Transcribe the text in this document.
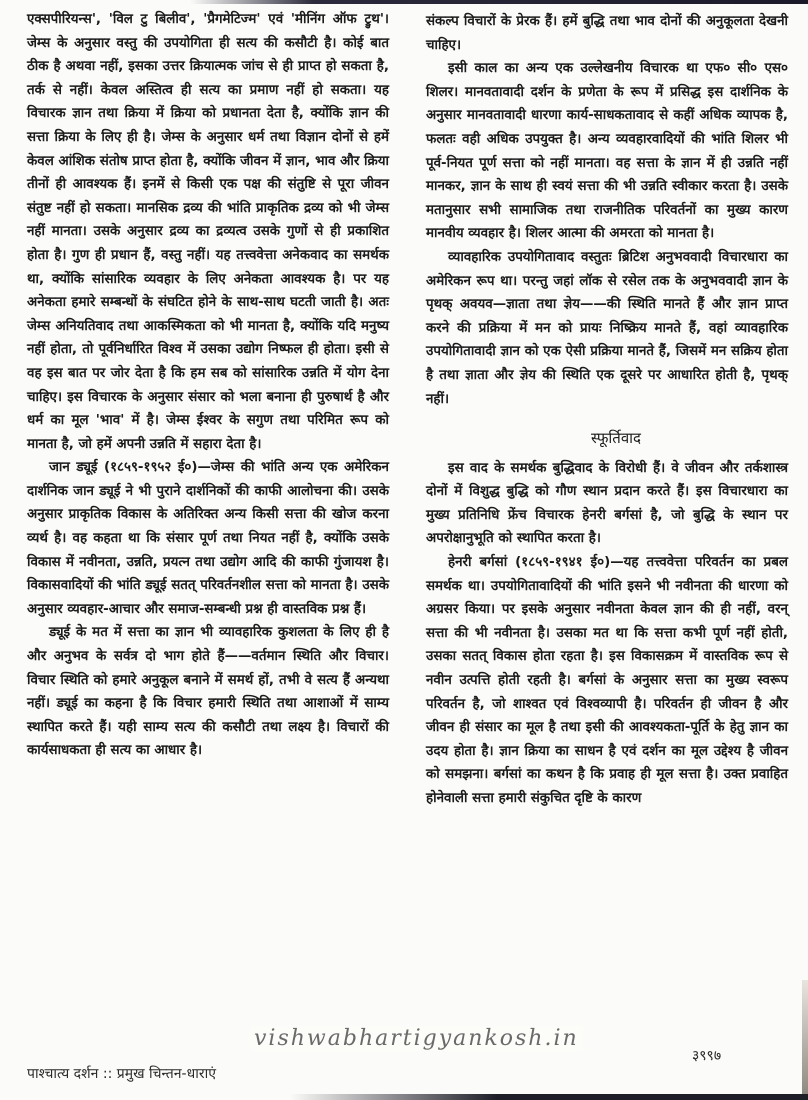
एक्सपीरियन्स', 'विल टु बिलीव', 'प्रैगमेटिज्म' एवं 'मीनिंग ऑफ ट्रुथ'। जेम्स के अनुसार वस्तु की उपयोगिता ही सत्य की कसौटी है। कोई बात ठीक है अथवा नहीं, इसका उत्तर क्रियात्मक जांच से ही प्राप्त हो सकता है, तर्क से नहीं। केवल अस्तित्व ही सत्य का प्रमाण नहीं हो सकता। यह विचारक ज्ञान तथा क्रिया में क्रिया को प्रधानता देता है, क्योंकि ज्ञान की सत्ता क्रिया के लिए ही है। जेम्स के अनुसार धर्म तथा विज्ञान दोनों से हमें केवल आंशिक संतोष प्राप्त होता है, क्योंकि जीवन में ज्ञान, भाव और क्रिया तीनों ही आवश्यक हैं। इनमें से किसी एक पक्ष की संतुष्टि से पूरा जीवन संतुष्ट नहीं हो सकता। मानसिक द्रव्य की भांति प्राकृतिक द्रव्य को भी जेम्स नहीं मानता। उसके अनुसार द्रव्य का द्रव्यत्व उसके गुणों से ही प्रकाशित होता है। गुण ही प्रधान हैं, वस्तु नहीं। यह तत्त्ववेत्ता अनेकवाद का समर्थक था, क्योंकि सांसारिक व्यवहार के लिए अनेकता आवश्यक है। पर यह अनेकता हमारे सम्बन्धों के संघटित होने के साथ-साथ घटती जाती है। अतः जेम्स अनियतिवाद तथा आकस्मिकता को भी मानता है, क्योंकि यदि मनुष्य नहीं होता, तो पूर्वनिर्धारित विश्व में उसका उद्योग निष्फल ही होता। इसी से वह इस बात पर जोर देता है कि हम सब को सांसारिक उन्नति में योग देना चाहिए। इस विचारक के अनुसार संसार को भला बनाना ही पुरुषार्थ है और धर्म का मूल 'भाव' में है। जेम्स ईश्वर के सगुण तथा परिमित रूप को मानता है, जो हमें अपनी उन्नति में सहारा देता है।

जान ड्यूई (१८५९-१९५२ ई०)—जेम्स की भांति अन्य एक अमेरिकन दार्शनिक जान ड्यूई ने भी पुराने दार्शनिकों की काफी आलोचना की। उसके अनुसार प्राकृतिक विकास के अतिरिक्त अन्य किसी सत्ता की खोज करना व्यर्थ है। वह कहता था कि संसार पूर्ण तथा नियत नहीं है, क्योंकि उसके विकास में नवीनता, उन्नति, प्रयत्न तथा उद्योग आदि की काफी गुंजायश है। विकासवादियों की भांति ड्यूई सतत् परिवर्तनशील सत्ता को मानता है। उसके अनुसार व्यवहार-आचार और समाज-सम्बन्धी प्रश्न ही वास्तविक प्रश्न हैं।

ड्यूई के मत में सत्ता का ज्ञान भी व्यावहारिक कुशलता के लिए ही है और अनुभव के सर्वत्र दो भाग होते हैं——वर्तमान स्थिति और विचार। विचार स्थिति को हमारे अनुकूल बनाने में समर्थ हों, तभी वे सत्य हैं अन्यथा नहीं। ड्यूई का कहना है कि विचार हमारी स्थिति तथा आशाओं में साम्य स्थापित करते हैं। यही साम्य सत्य की कसौटी तथा लक्ष्य है। विचारों की कार्यसाधकता ही सत्य का आधार है।

संकल्प विचारों के प्रेरक हैं। हमें बुद्धि तथा भाव दोनों की अनुकूलता देखनी चाहिए।

इसी काल का अन्य एक उल्लेखनीय विचारक था एफ० सी० एस० शिलर। मानवतावादी दर्शन के प्रणेता के रूप में प्रसिद्ध इस दार्शनिक के अनुसार मानवतावादी धारणा कार्य-साधकतावाद से कहीं अधिक व्यापक है, फलतः वही अधिक उपयुक्त है। अन्य व्यवहारवादियों की भांति शिलर भी पूर्व-नियत पूर्ण सत्ता को नहीं मानता। वह सत्ता के ज्ञान में ही उन्नति नहीं मानकर, ज्ञान के साथ ही स्वयं सत्ता की भी उन्नति स्वीकार करता है। उसके मतानुसार सभी सामाजिक तथा राजनीतिक परिवर्तनों का मुख्य कारण मानवीय व्यवहार है। शिलर आत्मा की अमरता को मानता है।

व्यावहारिक उपयोगितावाद वस्तुतः ब्रिटिश अनुभववादी विचारधारा का अमेरिकन रूप था। परन्तु जहां लॉक से रसेल तक के अनुभववादी ज्ञान के पृथक् अवयव—ज्ञाता तथा ज्ञेय——की स्थिति मानते हैं और ज्ञान प्राप्त करने की प्रक्रिया में मन को प्रायः निष्क्रिय मानते हैं, वहां व्यावहारिक उपयोगितावादी ज्ञान को एक ऐसी प्रक्रिया मानते हैं, जिसमें मन सक्रिय होता है तथा ज्ञाता और ज्ञेय की स्थिति एक दूसरे पर आधारित होती है, पृथक् नहीं।

स्फूर्तिवाद

इस वाद के समर्थक बुद्धिवाद के विरोधी हैं। वे जीवन और तर्कशास्त्र दोनों में विशुद्ध बुद्धि को गौण स्थान प्रदान करते हैं। इस विचारधारा का मुख्य प्रतिनिधि फ्रेंच विचारक हेनरी बर्गसां है, जो बुद्धि के स्थान पर अपरोक्षानुभूति को स्थापित करता है।

हेनरी बर्गसां (१८५९-१९४१ ई०)—यह तत्त्ववेत्ता परिवर्तन का प्रबल समर्थक था। उपयोगितावादियों की भांति इसने भी नवीनता की धारणा को अग्रसर किया। पर इसके अनुसार नवीनता केवल ज्ञान की ही नहीं, वरन् सत्ता की भी नवीनता है। उसका मत था कि सत्ता कभी पूर्ण नहीं होती, उसका सतत् विकास होता रहता है। इस विकासक्रम में वास्तविक रूप से नवीन उत्पत्ति होती रहती है। बर्गसां के अनुसार सत्ता का मुख्य स्वरूप परिवर्तन है, जो शाश्वत एवं विश्वव्यापी है। परिवर्तन ही जीवन है और जीवन ही संसार का मूल है तथा इसी की आवश्यकता-पूर्ति के हेतु ज्ञान का उदय होता है। ज्ञान क्रिया का साधन है एवं दर्शन का मूल उद्देश्य है जीवन को समझना। बर्गसां का कथन है कि प्रवाह ही मूल सत्ता है। उक्त प्रवाहित होनेवाली सत्ता हमारी संकुचित दृष्टि के कारण

vishwabhartigyankosh.in
पाश्चात्य दर्शन :: प्रमुख चिन्तन-धाराएं
३९९७
